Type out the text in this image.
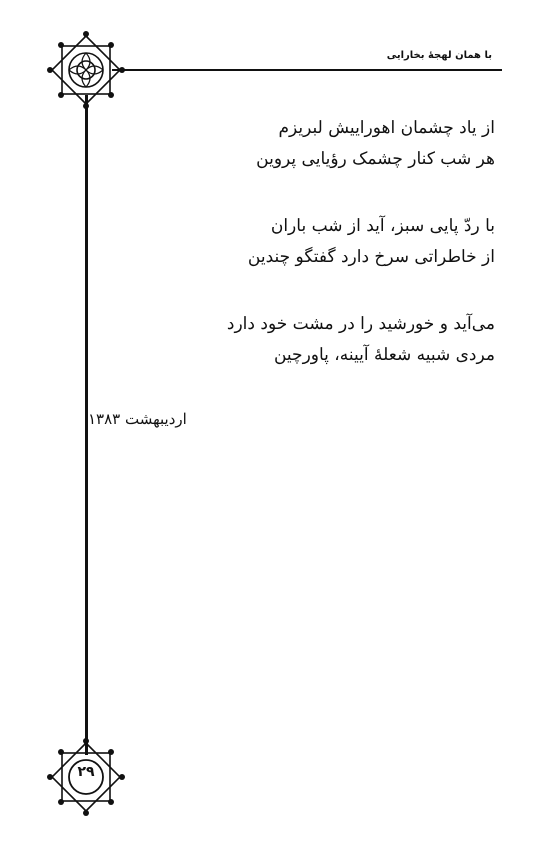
با همان لهجهٔ بخارایی
۲۹
از یاد چشمان اهوراییش لبریزم
هر شب کنار چشمک رؤیایی پروین
با ردّ پایی سبز، آید از شب باران
از خاطراتی سرخ دارد گفتگو چندین
می‌آید و خورشید را در مشت خود دارد
مردی شبیه شعلهٔ آیینه، پاورچین
اردیبهشت ۱۳۸۳
